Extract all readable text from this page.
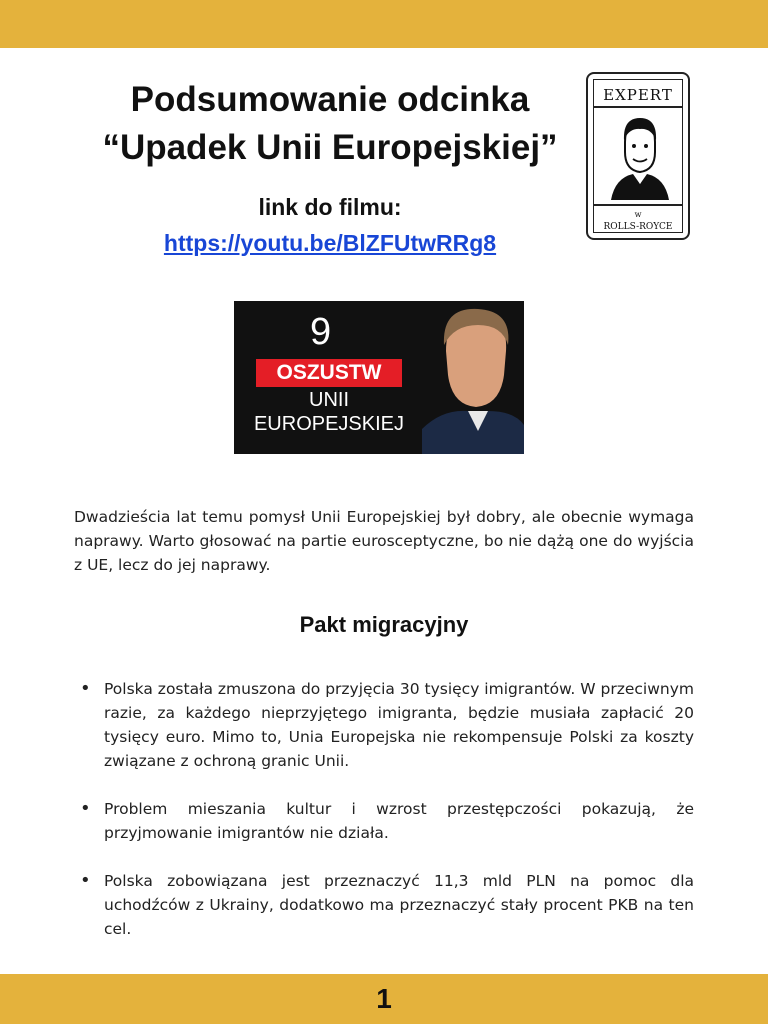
Podsumowanie odcinka
“Upadek Unii Europejskiej”
link do filmu:
https://youtu.be/BlZFUtwRRg8
EXPERT
w
ROLLS-ROYCE
9
OSZUSTW
UNII
EUROPEJSKIEJ
Dwadzieścia lat temu pomysł Unii Europejskiej był dobry, ale obecnie wymaga naprawy. Warto głosować na partie eurosceptyczne, bo nie dążą one do wyjścia z UE, lecz do jej naprawy.
Pakt migracyjny
• Polska została zmuszona do przyjęcia 30 tysięcy imigrantów. W przeciwnym razie, za każdego nieprzyjętego imigranta, będzie musiała zapłacić 20 tysięcy euro. Mimo to, Unia Europejska nie rekompensuje Polski za koszty związane z ochroną granic Unii.
• Problem mieszania kultur i wzrost przestępczości pokazują, że przyjmowanie imigrantów nie działa.
• Polska zobowiązana jest przeznaczyć 11,3 mld PLN na pomoc dla uchodźców z Ukrainy, dodatkowo ma przeznaczyć stały procent PKB na ten cel.
1
